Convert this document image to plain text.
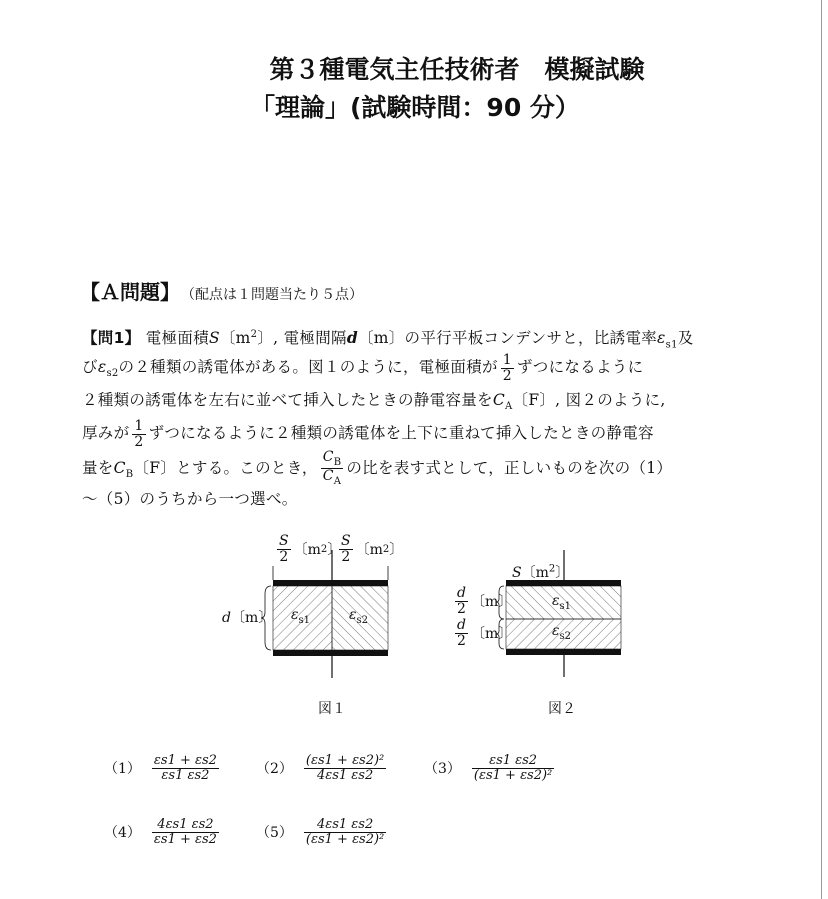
第３種電気主任技術者　模擬試験
「理論」(試験時間：90 分）
【Ａ問題】 （配点は１問題当たり５点）
【問1】 電極面積S〔$m^2$〕, 電極間隔d〔m〕の平行平板コンデンサと，比誘電率$\varepsilon_{s1}$及
び$\varepsilon_{s2}$の２種類の誘電体がある。図１のように，電極面積が $\frac{1}{2}$ ずつになるように
２種類の誘電体を左右に並べて挿入したときの静電容量を$C_A$〔F〕, 図２のように,
厚みが $\frac{1}{2}$ ずつになるように２種類の誘電体を上下に重ねて挿入したときの静電容
量を$C_B$〔F〕とする。このとき， $\frac{C_B}{C_A}$ の比を表す式として，正しいものを次の（1）
～（5）のうちから一つ選べ。
$\frac{S}{2}$ 〔m 2 〕
$\frac{S}{2}$ 〔m 2 〕
d〔m〕 $\varepsilon_{s1}$	$\varepsilon_{s2}$
図１
S〔$m^2$〕
$\frac{d}{2}$ 〔m〕
$\frac{d}{2}$ 〔m〕
$\varepsilon_{s1}$
$\varepsilon_{s2}$
図２
$(1) \frac{\varepsilon s1 + \varepsilon s2}{\varepsilon s1 \varepsilon s2}$	$(2) \frac{\text{(εs1 + εs2)²}}{4\varepsilon s1 \varepsilon s2}$	$(3) \frac{\varepsilon s1 \varepsilon s2}{\text{(εs1 + εs2)²}}$
$(4) \frac{4\varepsilon s1 \varepsilon s2}{\varepsilon s1 + \varepsilon s2}$	$(5) \frac{4\varepsilon s1 \varepsilon s2}{\text{(εs1 + εs2)²}}$
